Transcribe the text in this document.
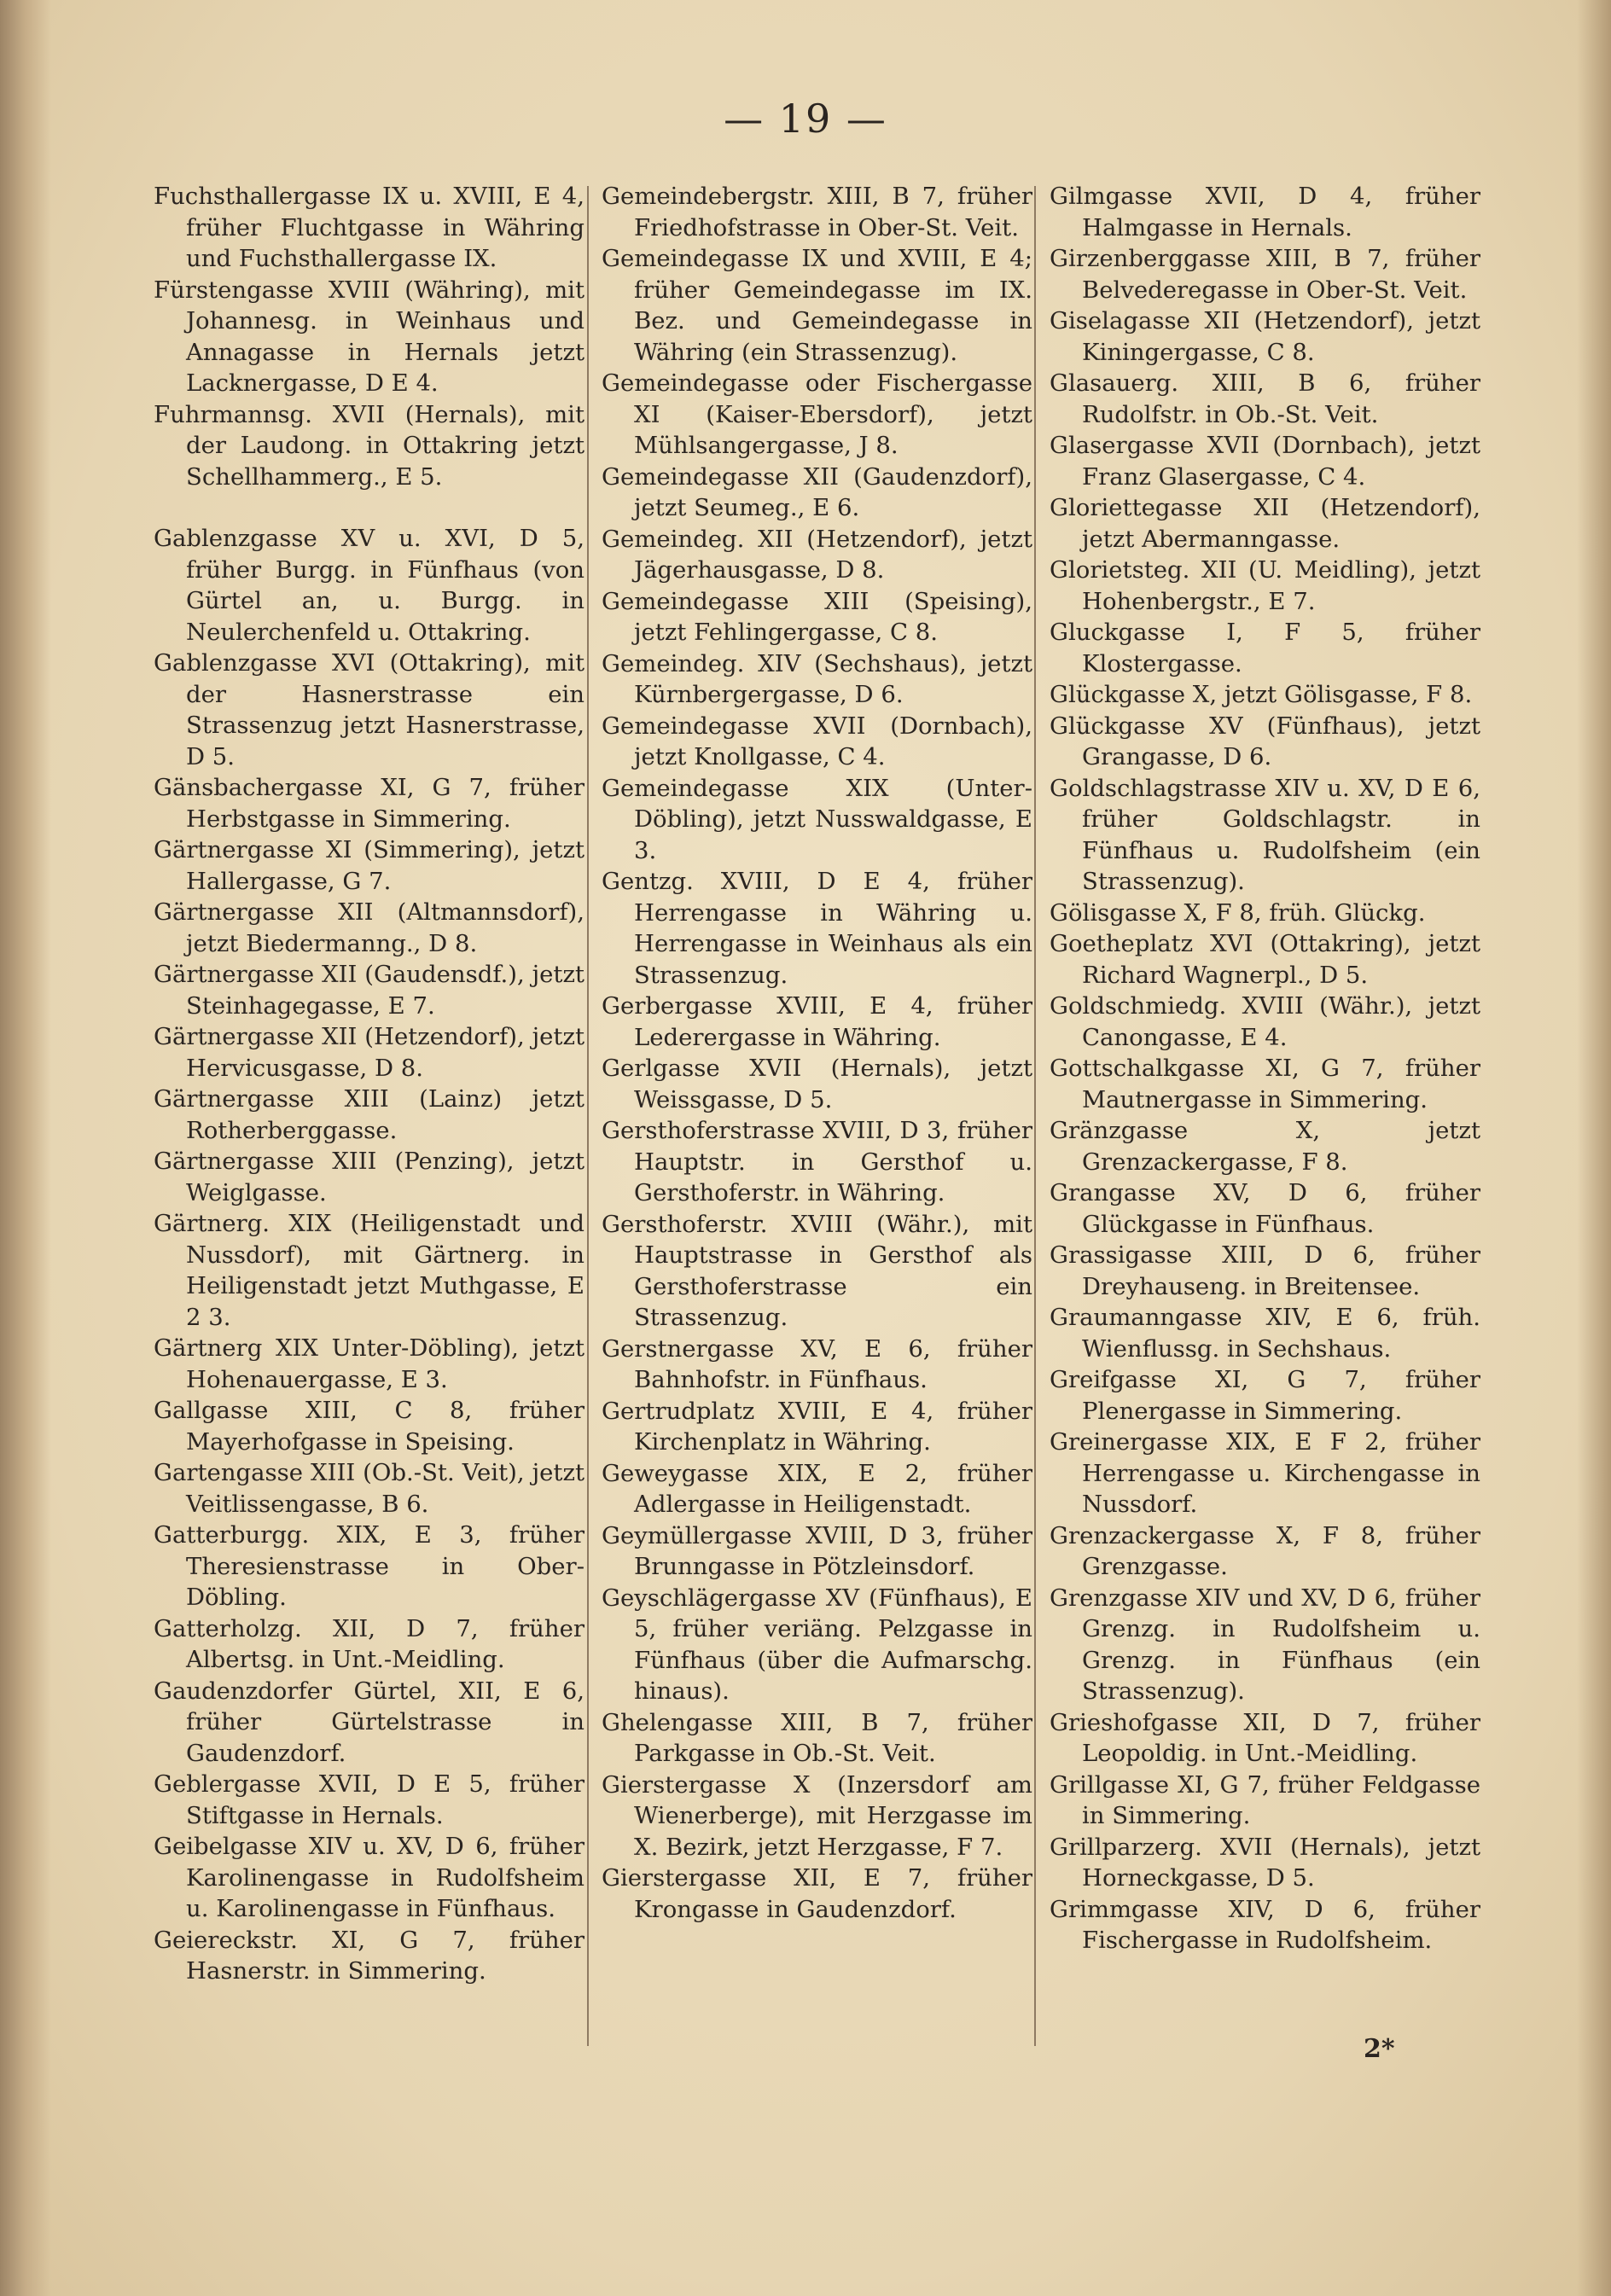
— 19 —

Fuchsthallergasse IX u. XVIII, E 4, früher Fluchtgasse in Währing und Fuchsthallergasse IX.

Fürstengasse XVIII (Währing), mit Johannesg. in Weinhaus und Annagasse in Hernals jetzt Lacknergasse, D E 4.

Fuhrmannsg. XVII (Hernals), mit der Laudong. in Ottakring jetzt Schellhammerg., E 5.

Gablenzgasse XV u. XVI, D 5, früher Burgg. in Fünfhaus (von Gürtel an, u. Burgg. in Neulerchenfeld u. Ottakring.

Gablenzgasse XVI (Ottakring), mit der Hasnerstrasse ein Strassenzug jetzt Hasnerstrasse, D 5.

Gänsbachergasse XI, G 7, früher Herbstgasse in Simmering.

Gärtnergasse XI (Simmering), jetzt Hallergasse, G 7.

Gärtnergasse XII (Altmannsdorf), jetzt Biedermanng., D 8.

Gärtnergasse XII (Gaudensdf.), jetzt Steinhagegasse, E 7.

Gärtnergasse XII (Hetzendorf), jetzt Hervicusgasse, D 8.

Gärtnergasse XIII (Lainz) jetzt Rotherberggasse.

Gärtnergasse XIII (Penzing), jetzt Weiglgasse.

Gärtnerg. XIX (Heiligenstadt und Nussdorf), mit Gärtnerg. in Heiligenstadt jetzt Muthgasse, E 2 3.

Gärtnerg XIX Unter-Döbling), jetzt Hohenauergasse, E 3.

Gallgasse XIII, C 8, früher Mayerhofgasse in Speising.

Gartengasse XIII (Ob.-St. Veit), jetzt Veitlissengasse, B 6.

Gatterburgg. XIX, E 3, früher Theresienstrasse in Ober-Döbling.

Gatterholzg. XII, D 7, früher Albertsg. in Unt.-Meidling.

Gaudenzdorfer Gürtel, XII, E 6, früher Gürtelstrasse in Gaudenzdorf.

Geblergasse XVII, D E 5, früher Stiftgasse in Hernals.

Geibelgasse XIV u. XV, D 6, früher Karolinengasse in Rudolfsheim u. Karolinengasse in Fünfhaus.

Geiereckstr. XI, G 7, früher Hasnerstr. in Simmering.

Gemeindebergstr. XIII, B 7, früher Friedhofstrasse in Ober-St. Veit.

Gemeindegasse IX und XVIII, E 4; früher Gemeindegasse im IX. Bez. und Gemeindegasse in Währing (ein Strassenzug).

Gemeindegasse oder Fischergasse XI (Kaiser-Ebersdorf), jetzt Mühlsangergasse, J 8.

Gemeindegasse XII (Gaudenzdorf), jetzt Seumeg., E 6.

Gemeindeg. XII (Hetzendorf), jetzt Jägerhausgasse, D 8.

Gemeindegasse XIII (Speising), jetzt Fehlingergasse, C 8.

Gemeindeg. XIV (Sechshaus), jetzt Kürnbergergasse, D 6.

Gemeindegasse XVII (Dornbach), jetzt Knollgasse, C 4.

Gemeindegasse XIX (Unter-Döbling), jetzt Nusswaldgasse, E 3.

Gentzg. XVIII, D E 4, früher Herrengasse in Währing u. Herrengasse in Weinhaus als ein Strassenzug.

Gerbergasse XVIII, E 4, früher Lederergasse in Währing.

Gerlgasse XVII (Hernals), jetzt Weissgasse, D 5.

Gersthoferstrasse XVIII, D 3, früher Hauptstr. in Gersthof u. Gersthoferstr. in Währing.

Gersthoferstr. XVIII (Währ.), mit Hauptstrasse in Gersthof als Gersthoferstrasse ein Strassenzug.

Gerstnergasse XV, E 6, früher Bahnhofstr. in Fünfhaus.

Gertrudplatz XVIII, E 4, früher Kirchenplatz in Währing.

Geweygasse XIX, E 2, früher Adlergasse in Heiligenstadt.

Geymüllergasse XVIII, D 3, früher Brunngasse in Pötzleinsdorf.

Geyschlägergasse XV (Fünfhaus), E 5, früher veriäng. Pelzgasse in Fünfhaus (über die Aufmarschg. hinaus).

Ghelengasse XIII, B 7, früher Parkgasse in Ob.-St. Veit.

Gierstergasse X (Inzersdorf am Wienerberge), mit Herzgasse im X. Bezirk, jetzt Herzgasse, F 7.

Gierstergasse XII, E 7, früher Krongasse in Gaudenzdorf.

Gilmgasse XVII, D 4, früher Halmgasse in Hernals.

Girzenberggasse XIII, B 7, früher Belvederegasse in Ober-St. Veit.

Giselagasse XII (Hetzendorf), jetzt Kiningergasse, C 8.

Glasauerg. XIII, B 6, früher Rudolfstr. in Ob.-St. Veit.

Glasergasse XVII (Dornbach), jetzt Franz Glasergasse, C 4.

Gloriettegasse XII (Hetzendorf), jetzt Abermanngasse.

Glorietsteg. XII (U. Meidling), jetzt Hohenbergstr., E 7.

Gluckgasse I, F 5, früher Klostergasse.

Glückgasse X, jetzt Gölisgasse, F 8.

Glückgasse XV (Fünfhaus), jetzt Grangasse, D 6.

Goldschlagstrasse XIV u. XV, D E 6, früher Goldschlagstr. in Fünfhaus u. Rudolfsheim (ein Strassenzug).

Gölisgasse X, F 8, früh. Glückg.

Goetheplatz XVI (Ottakring), jetzt Richard Wagnerpl., D 5.

Goldschmiedg. XVIII (Währ.), jetzt Canongasse, E 4.

Gottschalkgasse XI, G 7, früher Mautnergasse in Simmering.

Gränzgasse X, jetzt Grenzackergasse, F 8.

Grangasse XV, D 6, früher Glückgasse in Fünfhaus.

Grassigasse XIII, D 6, früher Dreyhauseng. in Breitensee.

Graumanngasse XIV, E 6, früh. Wienflussg. in Sechshaus.

Greifgasse XI, G 7, früher Plenergasse in Simmering.

Greinergasse XIX, E F 2, früher Herrengasse u. Kirchengasse in Nussdorf.

Grenzackergasse X, F 8, früher Grenzgasse.

Grenzgasse XIV und XV, D 6, früher Grenzg. in Rudolfsheim u. Grenzg. in Fünfhaus (ein Strassenzug).

Grieshofgasse XII, D 7, früher Leopoldig. in Unt.-Meidling.

Grillgasse XI, G 7, früher Feldgasse in Simmering.

Grillparzerg. XVII (Hernals), jetzt Horneckgasse, D 5.

Grimmgasse XIV, D 6, früher Fischergasse in Rudolfsheim.

2*
